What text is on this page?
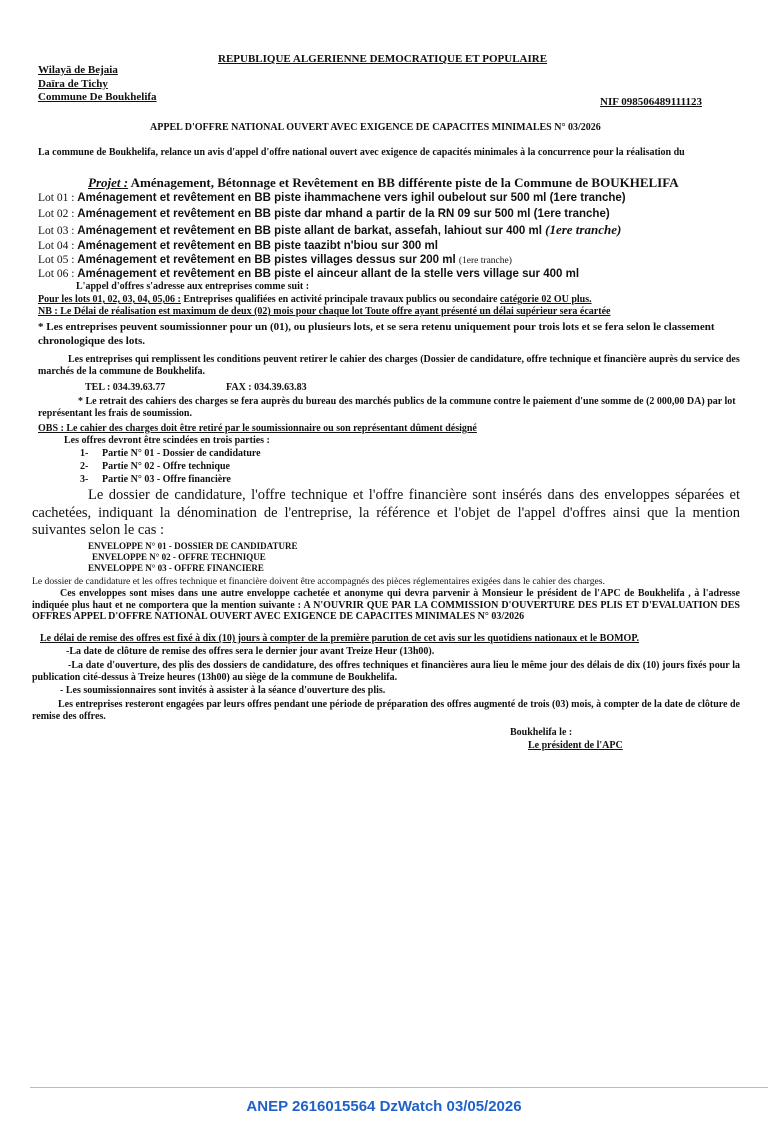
REPUBLIQUE ALGERIENNE DEMOCRATIQUE ET POPULAIRE
Wilayā de Bejaia
Daïra de Tichy
Commune De Boukhelifa	NIF 098506489111123
APPEL D'OFFRE NATIONAL OUVERT AVEC EXIGENCE DE CAPACITES MINIMALES N° 03/2026
La commune de Boukhelifa, relance un avis d'appel d'offre national ouvert avec exigence de capacités minimales à la concurrence pour la réalisation du
Projet : Aménagement, Bétonnage et Revêtement en BB différente piste de la Commune de BOUKHELIFA
Lot 01 : Aménagement et revêtement en BB piste ihammachene vers ighil oubelout sur 500 ml (1ere tranche)
Lot 02 : Aménagement et revêtement en BB piste dar mhand a partir de la RN 09 sur 500 ml (1ere tranche)
Lot 03 : Aménagement et revêtement en BB piste allant de barkat, assefah, lahiout sur 400 ml (1ere tranche)
Lot 04 : Aménagement et revêtement en BB piste taazibt n'biou sur 300 ml
Lot 05 : Aménagement et revêtement en BB pistes villages dessus sur 200 ml (1ere tranche)
Lot 06 : Aménagement et revêtement en BB piste el ainceur allant de la stelle vers village sur 400 ml
L'appel d'offres s'adresse aux entreprises comme suit :
Pour les lots 01, 02, 03, 04, 05,06 : Entreprises qualifiées en activité principale travaux publics ou secondaire catégorie 02 OU plus.
NB : Le Délai de réalisation est maximum de deux (02) mois pour chaque lot Toute offre ayant présenté un délai supérieur sera écartée
* Les entreprises peuvent soumissionner pour un (01), ou plusieurs lots, et se sera retenu uniquement pour trois lots et se fera selon le classement chronologique des lots.
Les entreprises qui remplissent les conditions peuvent retirer le cahier des charges (Dossier de candidature, offre technique et financière auprès du service des marchés de la commune de Boukhelifa.
TEL : 034.39.63.77	FAX : 034.39.63.83
* Le retrait des cahiers des charges se fera auprès du bureau des marchés publics de la commune contre le paiement d'une somme de (2 000,00 DA) par lot représentant les frais de soumission.
OBS : Le cahier des charges doit être retiré par le soumissionnaire ou son représentant dûment désigné
Les offres devront être scindées en trois parties :
1- Partie N° 01 - Dossier de candidature
2- Partie N° 02 - Offre technique
3- Partie N° 03 - Offre financière
Le dossier de candidature, l'offre technique et l'offre financière sont insérés dans des enveloppes séparées et cachetées, indiquant la dénomination de l'entreprise, la référence et l'objet de l'appel d'offres ainsi que la mention suivantes selon le cas :
ENVELOPPE N° 01 - DOSSIER DE CANDIDATURE
ENVELOPPE N° 02 - OFFRE TECHNIQUE
ENVELOPPE N° 03 - OFFRE FINANCIERE
Le dossier de candidature et les offres technique et financière doivent être accompagnés des pièces réglementaires exigées dans le cahier des charges.
Ces enveloppes sont mises dans une autre enveloppe cachetée et anonyme qui devra parvenir à Monsieur le président de l'APC de Boukhelifa , à l'adresse indiquée plus haut et ne comportera que la mention suivante : A N'OUVRIR QUE PAR LA COMMISSION D'OUVERTURE DES PLIS ET D'EVALUATION DES OFFRES APPEL D'OFFRE NATIONAL OUVERT AVEC EXIGENCE DE CAPACITES MINIMALES N° 03/2026
Le délai de remise des offres est fixé à dix (10) jours à compter de la première parution de cet avis sur les quotidiens nationaux et le BOMOP.
-La date de clôture de remise des offres sera le dernier jour avant Treize Heur (13h00).
-La date d'ouverture, des plis des dossiers de candidature, des offres techniques et financières aura lieu le même jour des délais de dix (10) jours fixés pour la publication cité-dessus à Treize heures (13h00) au siège de la commune de Boukhelifa.
- Les soumissionnaires sont invités à assister à la séance d'ouverture des plis.
Les entreprises resteront engagées par leurs offres pendant une période de préparation des offres augmenté de trois (03) mois, à compter de la date de clôture de remise des offres.
Boukhelifa le :
Le président de l'APC
ANEP 2616015564 DzWatch 03/05/2026
